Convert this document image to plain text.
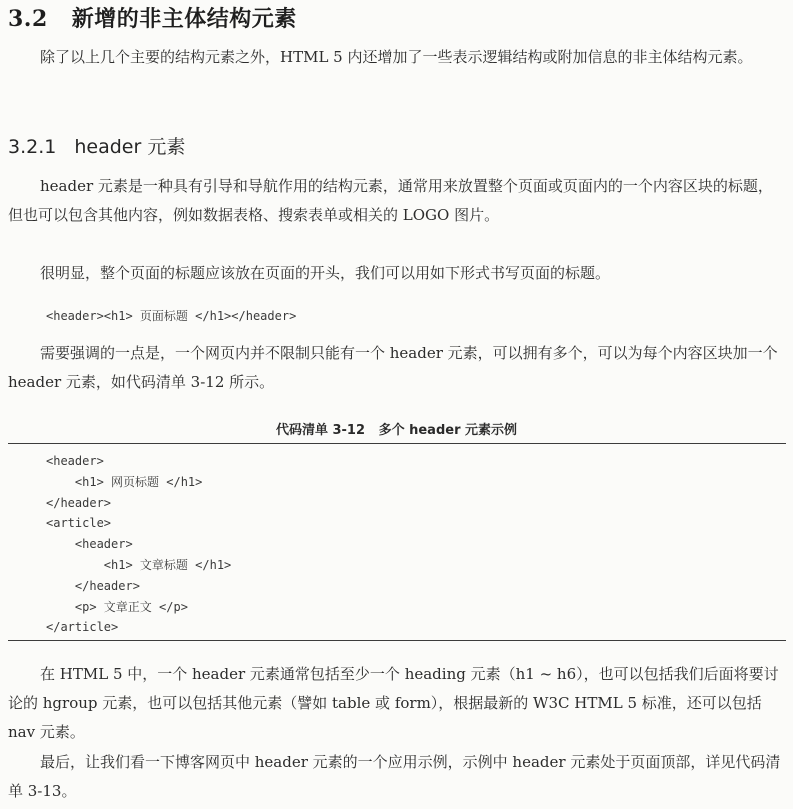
3.2 新增的非主体结构元素

除了以上几个主要的结构元素之外，HTML 5 内还增加了一些表示逻辑结构或附加信息的非主体结构元素。

3.2.1 header 元素

header 元素是一种具有引导和导航作用的结构元素，通常用来放置整个页面或页面内的一个内容区块的标题，但也可以包含其他内容，例如数据表格、搜索表单或相关的 LOGO 图片。

很明显，整个页面的标题应该放在页面的开头，我们可以用如下形式书写页面的标题。

<header><h1> 页面标题 </h1></header>

需要强调的一点是，一个网页内并不限制只能有一个 header 元素，可以拥有多个，可以为每个内容区块加一个 header 元素，如代码清单 3-12 所示。

代码清单 3-12   多个 header 元素示例
<header>
<h1> 网页标题 </h1>
</header>
<article>
<header>
<h1> 文章标题 </h1>
</header>
<p> 文章正文 </p>
</article>

在 HTML 5 中，一个 header 元素通常包括至少一个 heading 元素（h1 ~ h6），也可以包括我们后面将要讨论的 hgroup 元素，也可以包括其他元素（譬如 table 或 form），根据最新的 W3C HTML 5 标准，还可以包括 nav 元素。

最后，让我们看一下博客网页中 header 元素的一个应用示例，示例中 header 元素处于页面顶部，详见代码清单 3-13。
